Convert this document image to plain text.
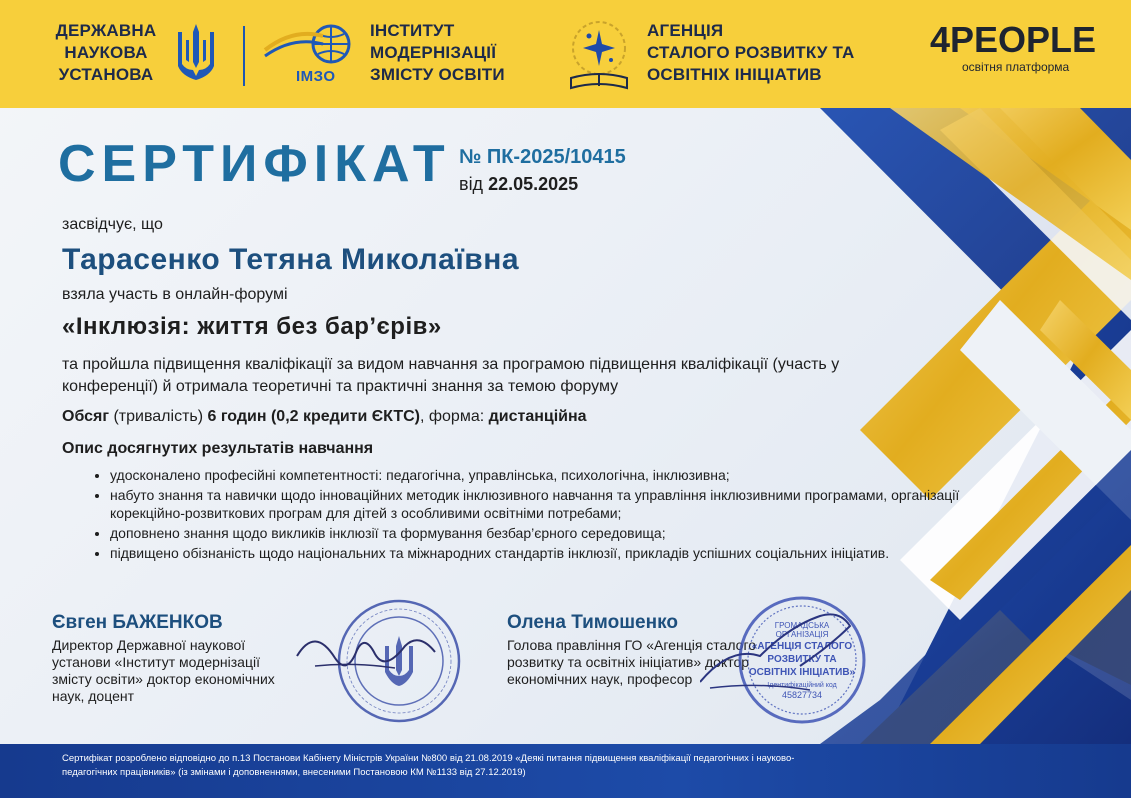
ДЕРЖАВНА
НАУКОВА
УСТАНОВА	ІМЗО
ІНСТИТУТ
МОДЕРНІЗАЦІЇ
ЗМІСТУ ОСВІТИ
АГЕНЦІЯ
СТАЛОГО РОЗВИТКУ ТА
ОСВІТНІХ ІНІЦІАТИВ
4PEOPLE
освітня платформа
СЕРТИФІКАТ № ПК-2025/10415
від 22.05.2025
засвідчує, що
Тарасенко Тетяна Миколаївна
взяла участь в онлайн-форумі
«Інклюзія: життя без бар’єрів»
та пройшла підвищення кваліфікації за видом навчання за програмою підвищення кваліфікації (участь у конференції) й отримала теоретичні та практичні знання за темою форуму
Обсяг (тривалість) 6 годин (0,2 кредити ЄКТС), форма: дистанційна
Опис досягнутих результатів навчання
• удосконалено професійні компетентності: педагогічна, управлінська, психологічна, інклюзивна;
• набуто знання та навички щодо інноваційних методик інклюзивного навчання та управління інклюзивними програмами, організації корекційно-розвиткових програм для дітей з особливими освітніми потребами;
• доповнено знання щодо викликів інклюзії та формування безбар’єрного середовища;
• підвищено обізнаність щодо національних та міжнародних стандартів інклюзії, прикладів успішних соціальних ініціатив.
Євген БАЖЕНКОВ
Директор Державної наукової установи «Інститут модернізації змісту освіти» доктор економічних наук, доцент
Олена Тимошенко
Голова правління ГО «Агенція сталого розвитку та освітніх ініціатив» доктор економічних наук, професор
ГРОМАДСЬКА
ОРГАНІЗАЦІЯ
«АГЕНЦІЯ СТАЛОГО
РОЗВИТКУ ТА
ОСВІТНІХ ІНІЦІАТИВ»
Ідентифікаційний код
45827734
Сертифікат розроблено відповідно до п.13 Постанови Кабінету Міністрів України №800 від 21.08.2019 «Деякі питання підвищення кваліфікації педагогічних і науково-педагогічних працівників» (із змінами і доповненнями, внесеними Постановою КМ №1133 від 27.12.2019)
